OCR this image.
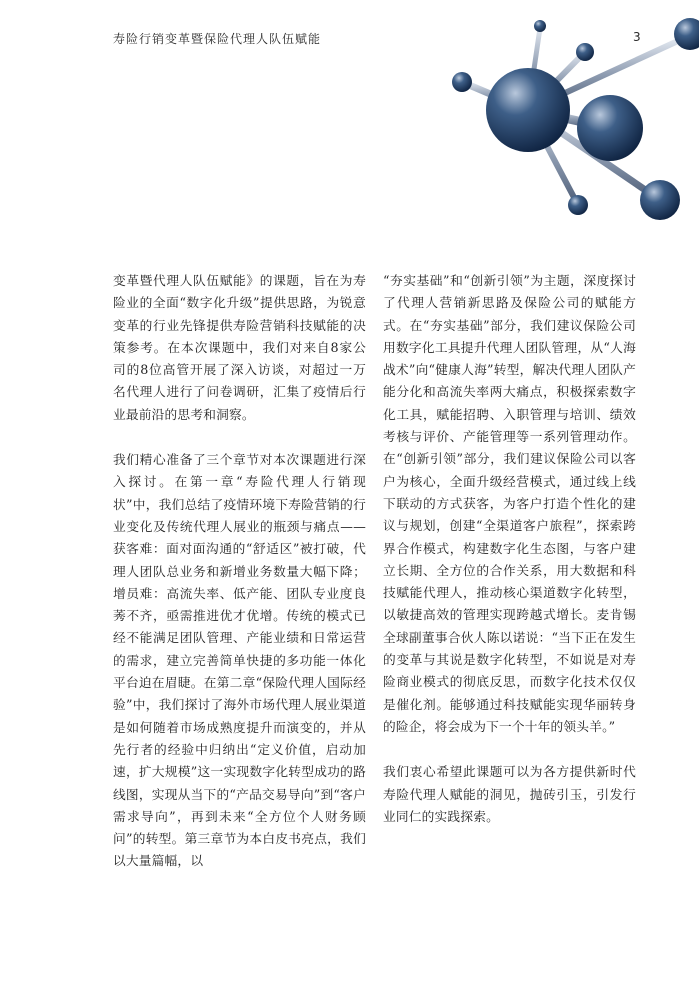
寿险行销变革暨保险代理人队伍赋能	3

变革暨代理人队伍赋能》的课题，旨在为寿险业的全面“数字化升级”提供思路，为锐意变革的行业先锋提供寿险营销科技赋能的决策参考。在本次课题中，我们对来自8家公司的8位高管开展了深入访谈，对超过一万名代理人进行了问卷调研，汇集了疫情后行业最前沿的思考和洞察。

我们精心准备了三个章节对本次课题进行深入探讨。在第一章“寿险代理人行销现状”中，我们总结了疫情环境下寿险营销的行业变化及传统代理人展业的瓶颈与痛点——获客难：面对面沟通的“舒适区”被打破，代理人团队总业务和新增业务数量大幅下降；增员难：高流失率、低产能、团队专业度良莠不齐，亟需推进优才优增。传统的模式已经不能满足团队管理、产能业绩和日常运营的需求，建立完善简单快捷的多功能一体化平台迫在眉睫。在第二章“保险代理人国际经验”中，我们探讨了海外市场代理人展业渠道是如何随着市场成熟度提升而演变的，并从先行者的经验中归纳出“定义价值，启动加速，扩大规模”这一实现数字化转型成功的路线图，实现从当下的“产品交易导向”到“客户需求导向”，再到未来“全方位个人财务顾问”的转型。第三章节为本白皮书亮点，我们以大量篇幅，以

“夯实基础”和“创新引领”为主题，深度探讨了代理人营销新思路及保险公司的赋能方式。在“夯实基础”部分，我们建议保险公司用数字化工具提升代理人团队管理，从“人海战术”向“健康人海”转型，解决代理人团队产能分化和高流失率两大痛点，积极探索数字化工具，赋能招聘、入职管理与培训、绩效考核与评价、产能管理等一系列管理动作。在“创新引领”部分，我们建议保险公司以客户为核心，全面升级经营模式，通过线上线下联动的方式获客，为客户打造个性化的建议与规划，创建“全渠道客户旅程”，探索跨界合作模式，构建数字化生态图，与客户建立长期、全方位的合作关系，用大数据和科技赋能代理人，推动核心渠道数字化转型，以敏捷高效的管理实现跨越式增长。麦肯锡全球副董事合伙人陈以诺说：“当下正在发生的变革与其说是数字化转型，不如说是对寿险商业模式的彻底反思，而数字化技术仅仅是催化剂。能够通过科技赋能实现华丽转身的险企，将会成为下一个十年的领头羊。”

我们衷心希望此课题可以为各方提供新时代寿险代理人赋能的洞见，抛砖引玉，引发行业同仁的实践探索。
